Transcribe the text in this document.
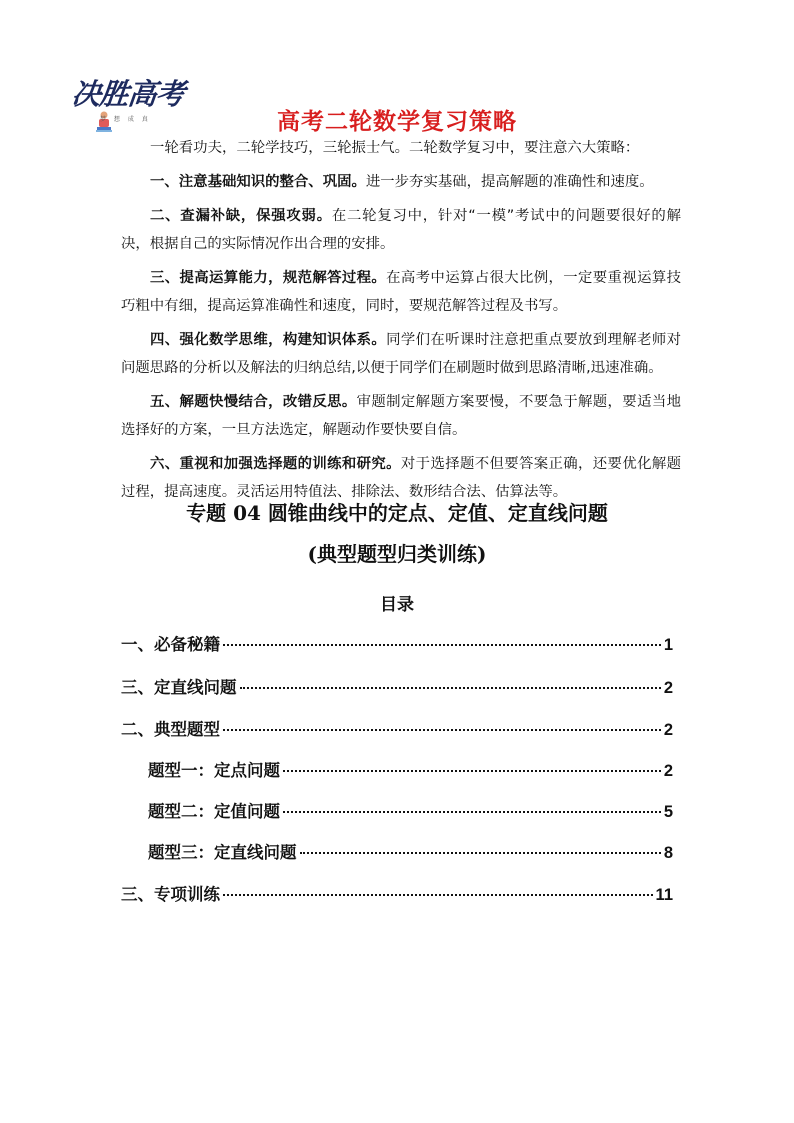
决胜高考
梦 想 成 真	高考二轮数学复习策略

一轮看功夫，二轮学技巧，三轮振士气。二轮数学复习中，要注意六大策略：

一、注意基础知识的整合、巩固。进一步夯实基础，提高解题的准确性和速度。

二、查漏补缺，保强攻弱。在二轮复习中，针对“一模”考试中的问题要很好的解决，根据自己的实际情况作出合理的安排。

三、提高运算能力，规范解答过程。在高考中运算占很大比例，一定要重视运算技巧粗中有细，提高运算准确性和速度，同时，要规范解答过程及书写。

四、强化数学思维，构建知识体系。同学们在听课时注意把重点要放到理解老师对问题思路的分析以及解法的归纳总结,以便于同学们在刷题时做到思路清晰,迅速准确。

五、解题快慢结合，改错反思。审题制定解题方案要慢，不要急于解题，要适当地选择好的方案，一旦方法选定，解题动作要快要自信。

六、重视和加强选择题的训练和研究。对于选择题不但要答案正确，还要优化解题过程，提高速度。灵活运用特值法、排除法、数形结合法、估算法等。

专题 04 圆锥曲线中的定点、定值、定直线问题
(典型题型归类训练)
目录
一、必备秘籍	1
三、定直线问题	2
二、典型题型	2
题型一：定点问题	2
题型二：定值问题	5
题型三：定直线问题	8
三、专项训练	11
